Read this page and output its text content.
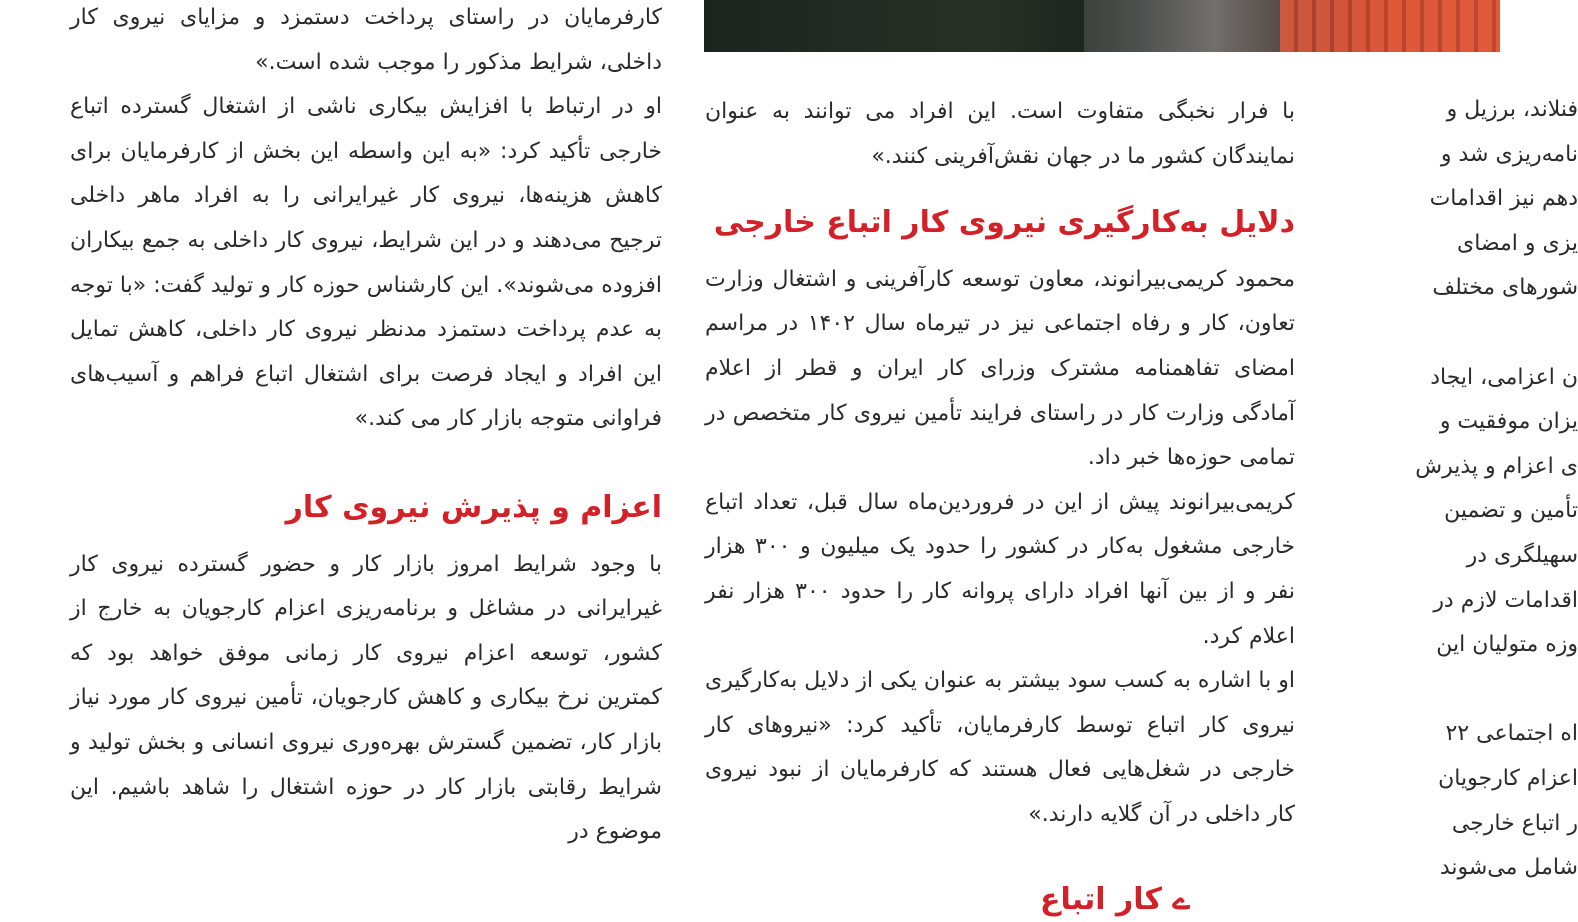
کارفرمایان در راستای پرداخت دستمزد و مزایای نیروی کار داخلی، شرایط مذکور را موجب شده است.»

او در ارتباط با افزایش بیکاری ناشی از اشتغال گسترده اتباع خارجی تأکید کرد: «به این واسطه این بخش از کارفرمایان برای کاهش هزینه‌ها، نیروی کار غیرایرانی را به افراد ماهر داخلی ترجیح می‌دهند و در این شرایط، نیروی کار داخلی به جمع بیکاران افزوده می‌شوند». این کارشناس حوزه کار و تولید گفت: «با توجه به عدم پرداخت دستمزد مدنظر نیروی کار داخلی، کاهش تمایل این افراد و ایجاد فرصت برای اشتغال اتباع فراهم و آسیب‌های فراوانی متوجه بازار کار می کند.»

اعزام و پذیرش نیروی کار

با وجود شرایط امروز بازار کار و حضور گسترده نیروی کار غیرایرانی در مشاغل و برنامه‌ریزی اعزام کارجویان به خارج از کشور، توسعه اعزام نیروی کار زمانی موفق خواهد بود که کمترین نرخ بیکاری و کاهش کارجویان، تأمین نیروی کار مورد نیاز بازار کار، تضمین گسترش بهره‌وری نیروی انسانی و بخش تولید و شرایط رقابتی بازار کار در حوزه اشتغال را شاهد باشیم. این موضوع در

با فرار نخبگی متفاوت است. این افراد می توانند به عنوان نمایندگان کشور ما در جهان نقش‌آفرینی کنند.»

دلایل به‌کارگیری نیروی کار اتباع خارجی

محمود کریمی‌بیرانوند، معاون توسعه کارآفرینی و اشتغال وزارت تعاون، کار و رفاه اجتماعی نیز در تیرماه سال ۱۴۰۲ در مراسم امضای تفاهمنامه مشترک وزرای کار ایران و قطر از اعلام آمادگی وزارت کار در راستای فرایند تأمین نیروی کار متخصص در تمامی حوزه‌ها خبر داد.

کریمی‌بیرانوند پیش از این در فروردین‌ماه سال قبل، تعداد اتباع خارجی مشغول به‌کار در کشور را حدود یک میلیون و ۳۰۰ هزار نفر و از بین آنها افراد دارای پروانه کار را حدود ۳۰۰ هزار نفر اعلام کرد.

او با اشاره به کسب سود بیشتر به عنوان یکی از دلایل به‌کارگیری نیروی کار اتباع توسط کارفرمایان، تأکید کرد: «نیروهای کار خارجی در شغل‌هایی فعال هستند که کارفرمایان از نبود نیروی کار داخلی در آن گلایه دارند.»

ے کار اتباع
فنلاند، برزیل و
نامه‌ریزی شد و
دهم نیز اقدامات
یزی و امضای
شورهای مختلف
ن اعزامی، ایجاد
یزان موفقیت و
ی اعزام و پذیرش
تأمین و تضمین
سهیلگری در
اقدامات لازم در
وزه متولیان این
اه اجتماعی ۲۲
اعزام کارجویان
ر اتباع خارجی
شامل می‌شوند
